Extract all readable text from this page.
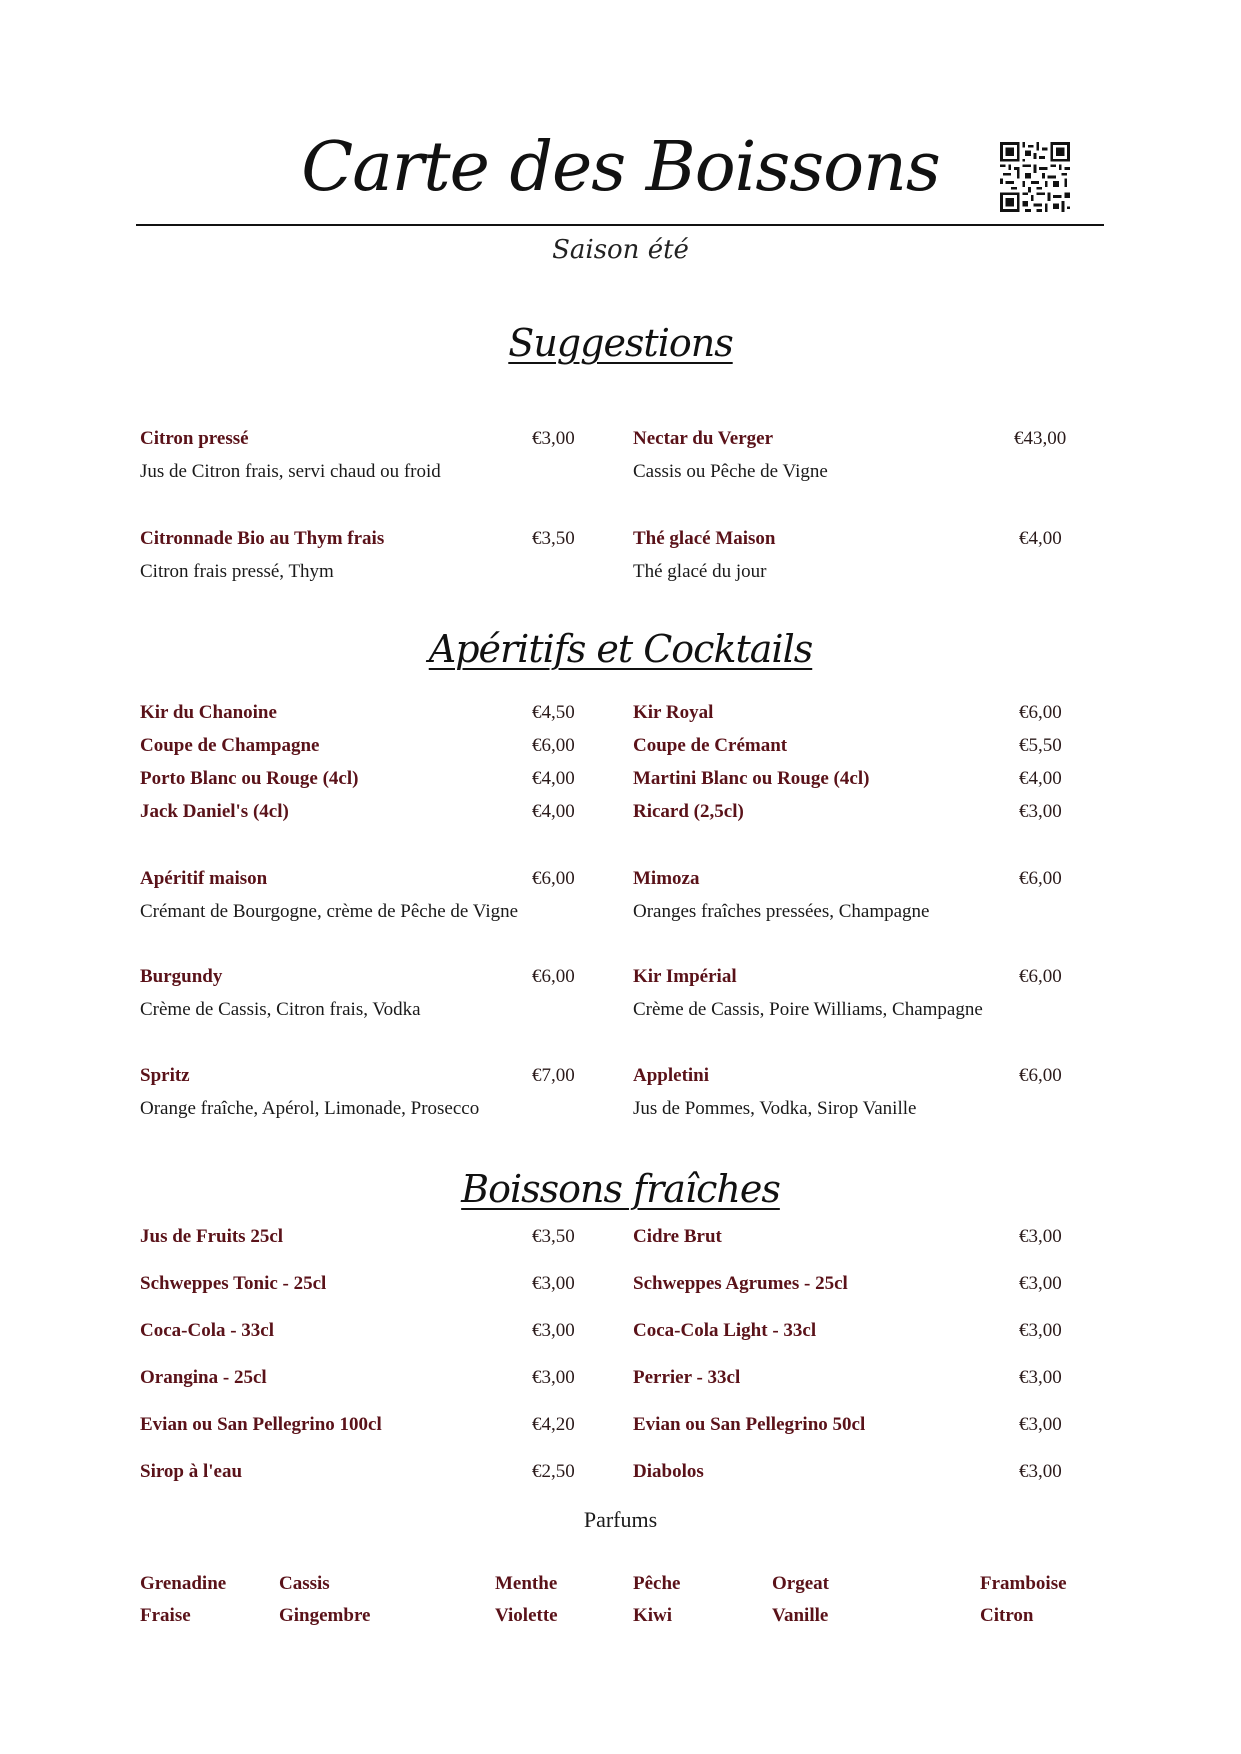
Carte des Boissons
Saison été
Suggestions
Citron pressé	€3,00
Jus de Citron frais, servi chaud ou froid
Nectar du Verger	€43,00
Cassis ou Pêche de Vigne
Citronnade Bio au Thym frais	€3,50
Citron frais pressé, Thym
Thé glacé Maison	€4,00
Thé glacé du jour
Apéritifs et Cocktails
Kir du Chanoine	€4,50	Kir Royal	€6,00
Coupe de Champagne	€6,00	Coupe de Crémant	€5,50
Porto Blanc ou Rouge (4cl)	€4,00	Martini Blanc ou Rouge (4cl)	€4,00
Jack Daniel's (4cl)	€4,00	Ricard (2,5cl)	€3,00
Apéritif maison	€6,00
Crémant de Bourgogne, crème de Pêche de Vigne
Mimoza	€6,00
Oranges fraîches pressées, Champagne
Burgundy	€6,00
Crème de Cassis, Citron frais, Vodka
Kir Impérial	€6,00
Crème de Cassis, Poire Williams, Champagne
Spritz	€7,00
Orange fraîche, Apérol, Limonade, Prosecco
Appletini	€6,00
Jus de Pommes, Vodka, Sirop Vanille
Boissons fraîches
Jus de Fruits 25cl	€3,50	Cidre Brut	€3,00
Schweppes Tonic - 25cl	€3,00	Schweppes Agrumes - 25cl	€3,00
Coca-Cola - 33cl	€3,00	Coca-Cola Light - 33cl	€3,00
Orangina - 25cl	€3,00	Perrier - 33cl	€3,00
Evian ou San Pellegrino 100cl	€4,20	Evian ou San Pellegrino 50cl	€3,00
Sirop à l'eau	€2,50	Diabolos	€3,00
Parfums
Grenadine	Cassis	Menthe	Pêche	Orgeat	Framboise
Fraise	Gingembre	Violette	Kiwi	Vanille	Citron
